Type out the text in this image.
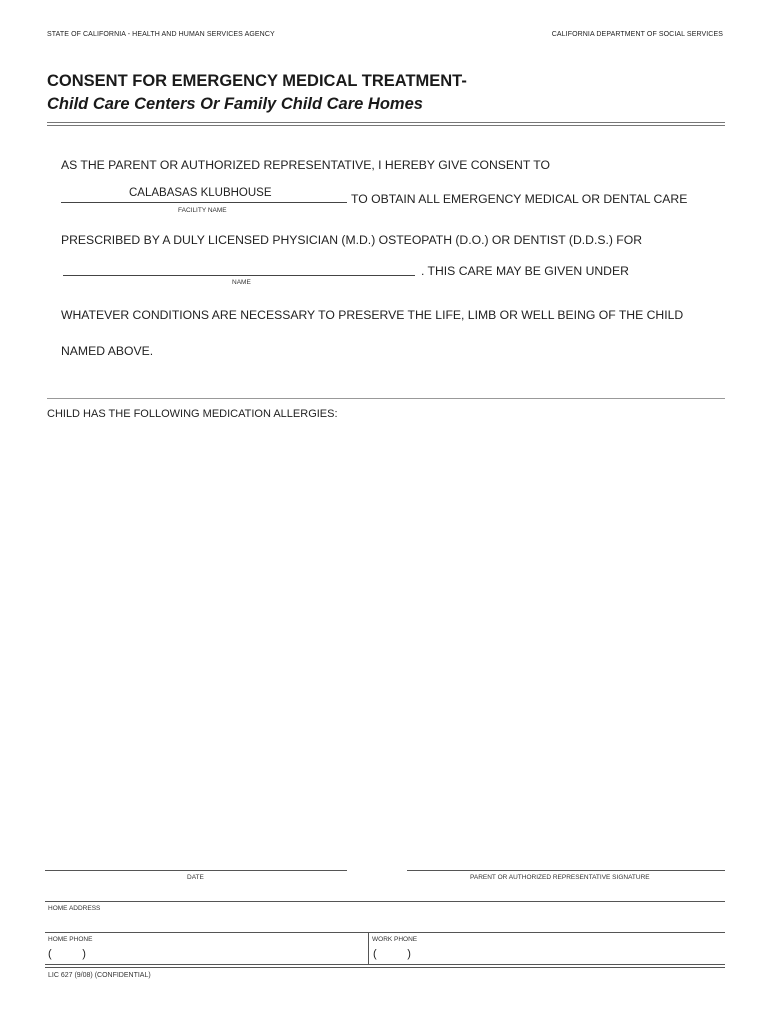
STATE OF CALIFORNIA - HEALTH AND HUMAN SERVICES AGENCY	CALIFORNIA DEPARTMENT OF SOCIAL SERVICES
CONSENT FOR EMERGENCY MEDICAL TREATMENT-
Child Care Centers Or Family Child Care Homes
AS THE PARENT OR AUTHORIZED REPRESENTATIVE, I HEREBY GIVE CONSENT TO
CALABASAS KLUBHOUSE
FACILITY NAME
TO OBTAIN ALL EMERGENCY MEDICAL OR DENTAL CARE
PRESCRIBED BY A DULY LICENSED PHYSICIAN (M.D.) OSTEOPATH (D.O.) OR DENTIST (D.D.S.) FOR
NAME
. THIS CARE MAY BE GIVEN UNDER
WHATEVER CONDITIONS ARE NECESSARY TO PRESERVE THE LIFE, LIMB OR WELL BEING OF THE CHILD
NAMED ABOVE.
CHILD HAS THE FOLLOWING MEDICATION ALLERGIES:
DATE	PARENT OR AUTHORIZED REPRESENTATIVE SIGNATURE
HOME ADDRESS
HOME PHONE
(          )
WORK PHONE
(          )
LIC 627 (9/08) (CONFIDENTIAL)
